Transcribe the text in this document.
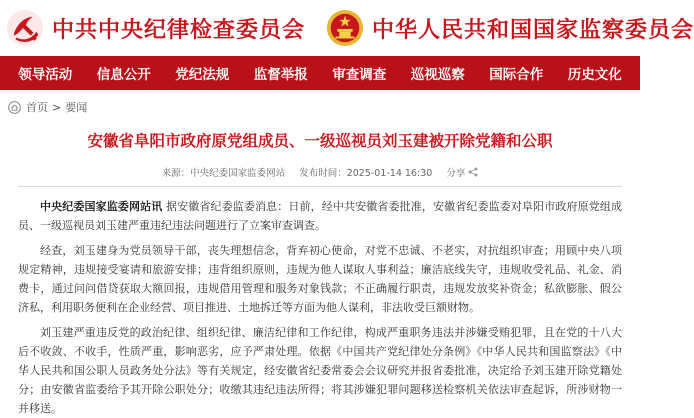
中共中央纪律检查委员会	中华人民共和国国家监察委员会
领导活动 信息公开 党纪法规 监督举报 审查调查 巡视巡察 国际合作 历史文化
首页 > 要闻
安徽省阜阳市政府原党组成员、一级巡视员刘玉建被开除党籍和公职
来源：中央纪委国家监委网站 发布时间：2025-01-14 16:30 分享

中央纪委国家监委网站讯 据安徽省纪委监委消息：日前，经中共安徽省委批准，安徽省纪委监委对阜阳市政府原党组成员、一级巡视员刘玉建严重违纪违法问题进行了立案审查调查。

经查，刘玉建身为党员领导干部，丧失理想信念，背弃初心使命，对党不忠诚、不老实，对抗组织审查；用顾中央八项规定精神，违规接受宴请和旅游安排；违背组织原则，违规为他人谋取人事利益；廉洁底线失守，违规收受礼品、礼金、消费卡，通过问问借贷获取大额回报，违规借用管理和服务对象钱款；不正确履行职责，违规发放奖补资金；私欲膨胀、假公济私，利用职务便利在企业经营、项目推进、土地拆迁等方面为他人谋利，非法收受巨额财物。

刘玉建严重违反党的政治纪律、组织纪律、廉洁纪律和工作纪律，构成严重职务违法并涉嫌受贿犯罪，且在党的十八大后不收敛、不收手，性质严重，影响恶劣，应予严肃处理。依据《中国共产党纪律处分条例》《中华人民共和国监察法》《中华人民共和国公职人员政务处分法》等有关规定，经安徽省纪委常委会会议研究并报省委批准，决定给予刘玉建开除党籍处分；由安徽省监委给予其开除公职处分；收缴其违纪违法所得；将其涉嫌犯罪问题移送检察机关依法审查起诉，所涉财物一并移送。
